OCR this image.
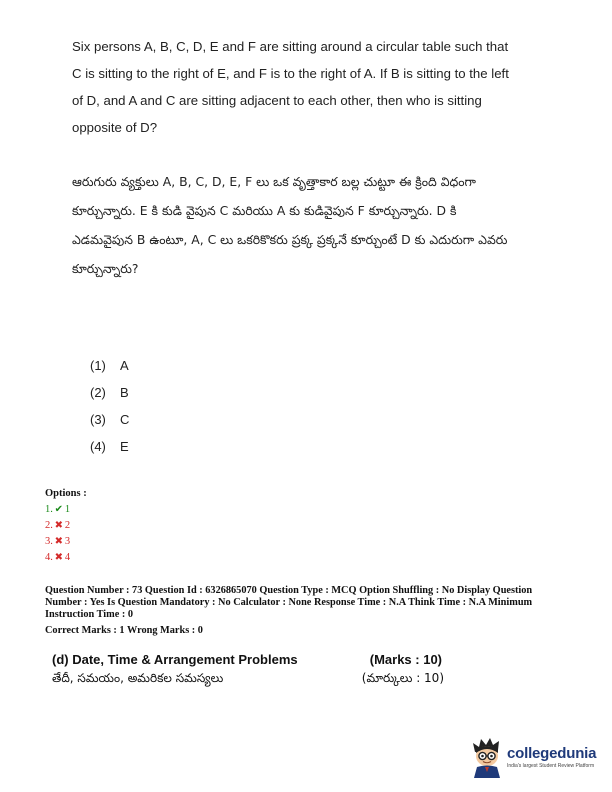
Six persons A, B, C, D, E and F are sitting around a circular table such that C is sitting to the right of E, and F is to the right of A. If B is sitting to the left of D, and A and C are sitting adjacent to each other, then who is sitting opposite of D?
ఆరుగురు వ్యక్తులు A, B, C, D, E, F లు ఒక వృత్తాకార బల్ల చుట్టూ ఈ క్రింది విధంగా కూర్చున్నారు. E కి కుడి వైపున C మరియు A కు కుడివైపున F కూర్చున్నారు. D కి ఎడమవైపున B ఉంటూ, A, C లు ఒకరికొకరు ప్రక్క ప్రక్కనే కూర్చుంటే D కు ఎదురుగా ఎవరు కూర్చున్నారు?
(1)	A
(2)	B
(3)	C
(4)	E
Options :
1. ✔ 1
2. ✖ 2
3. ✖ 3
4. ✖ 4
Question Number : 73 Question Id : 6326865070 Question Type : MCQ Option Shuffling : No Display Question Number : Yes Is Question Mandatory : No Calculator : None Response Time : N.A Think Time : N.A Minimum Instruction Time : 0
Correct Marks : 1 Wrong Marks : 0
(d) Date, Time & Arrangement Problems	(Marks : 10)
తేదీ, సమయం, అమరికల సమస్యలు	(మార్కులు : 10)
collegedunia
India's largest Student Review Platform
